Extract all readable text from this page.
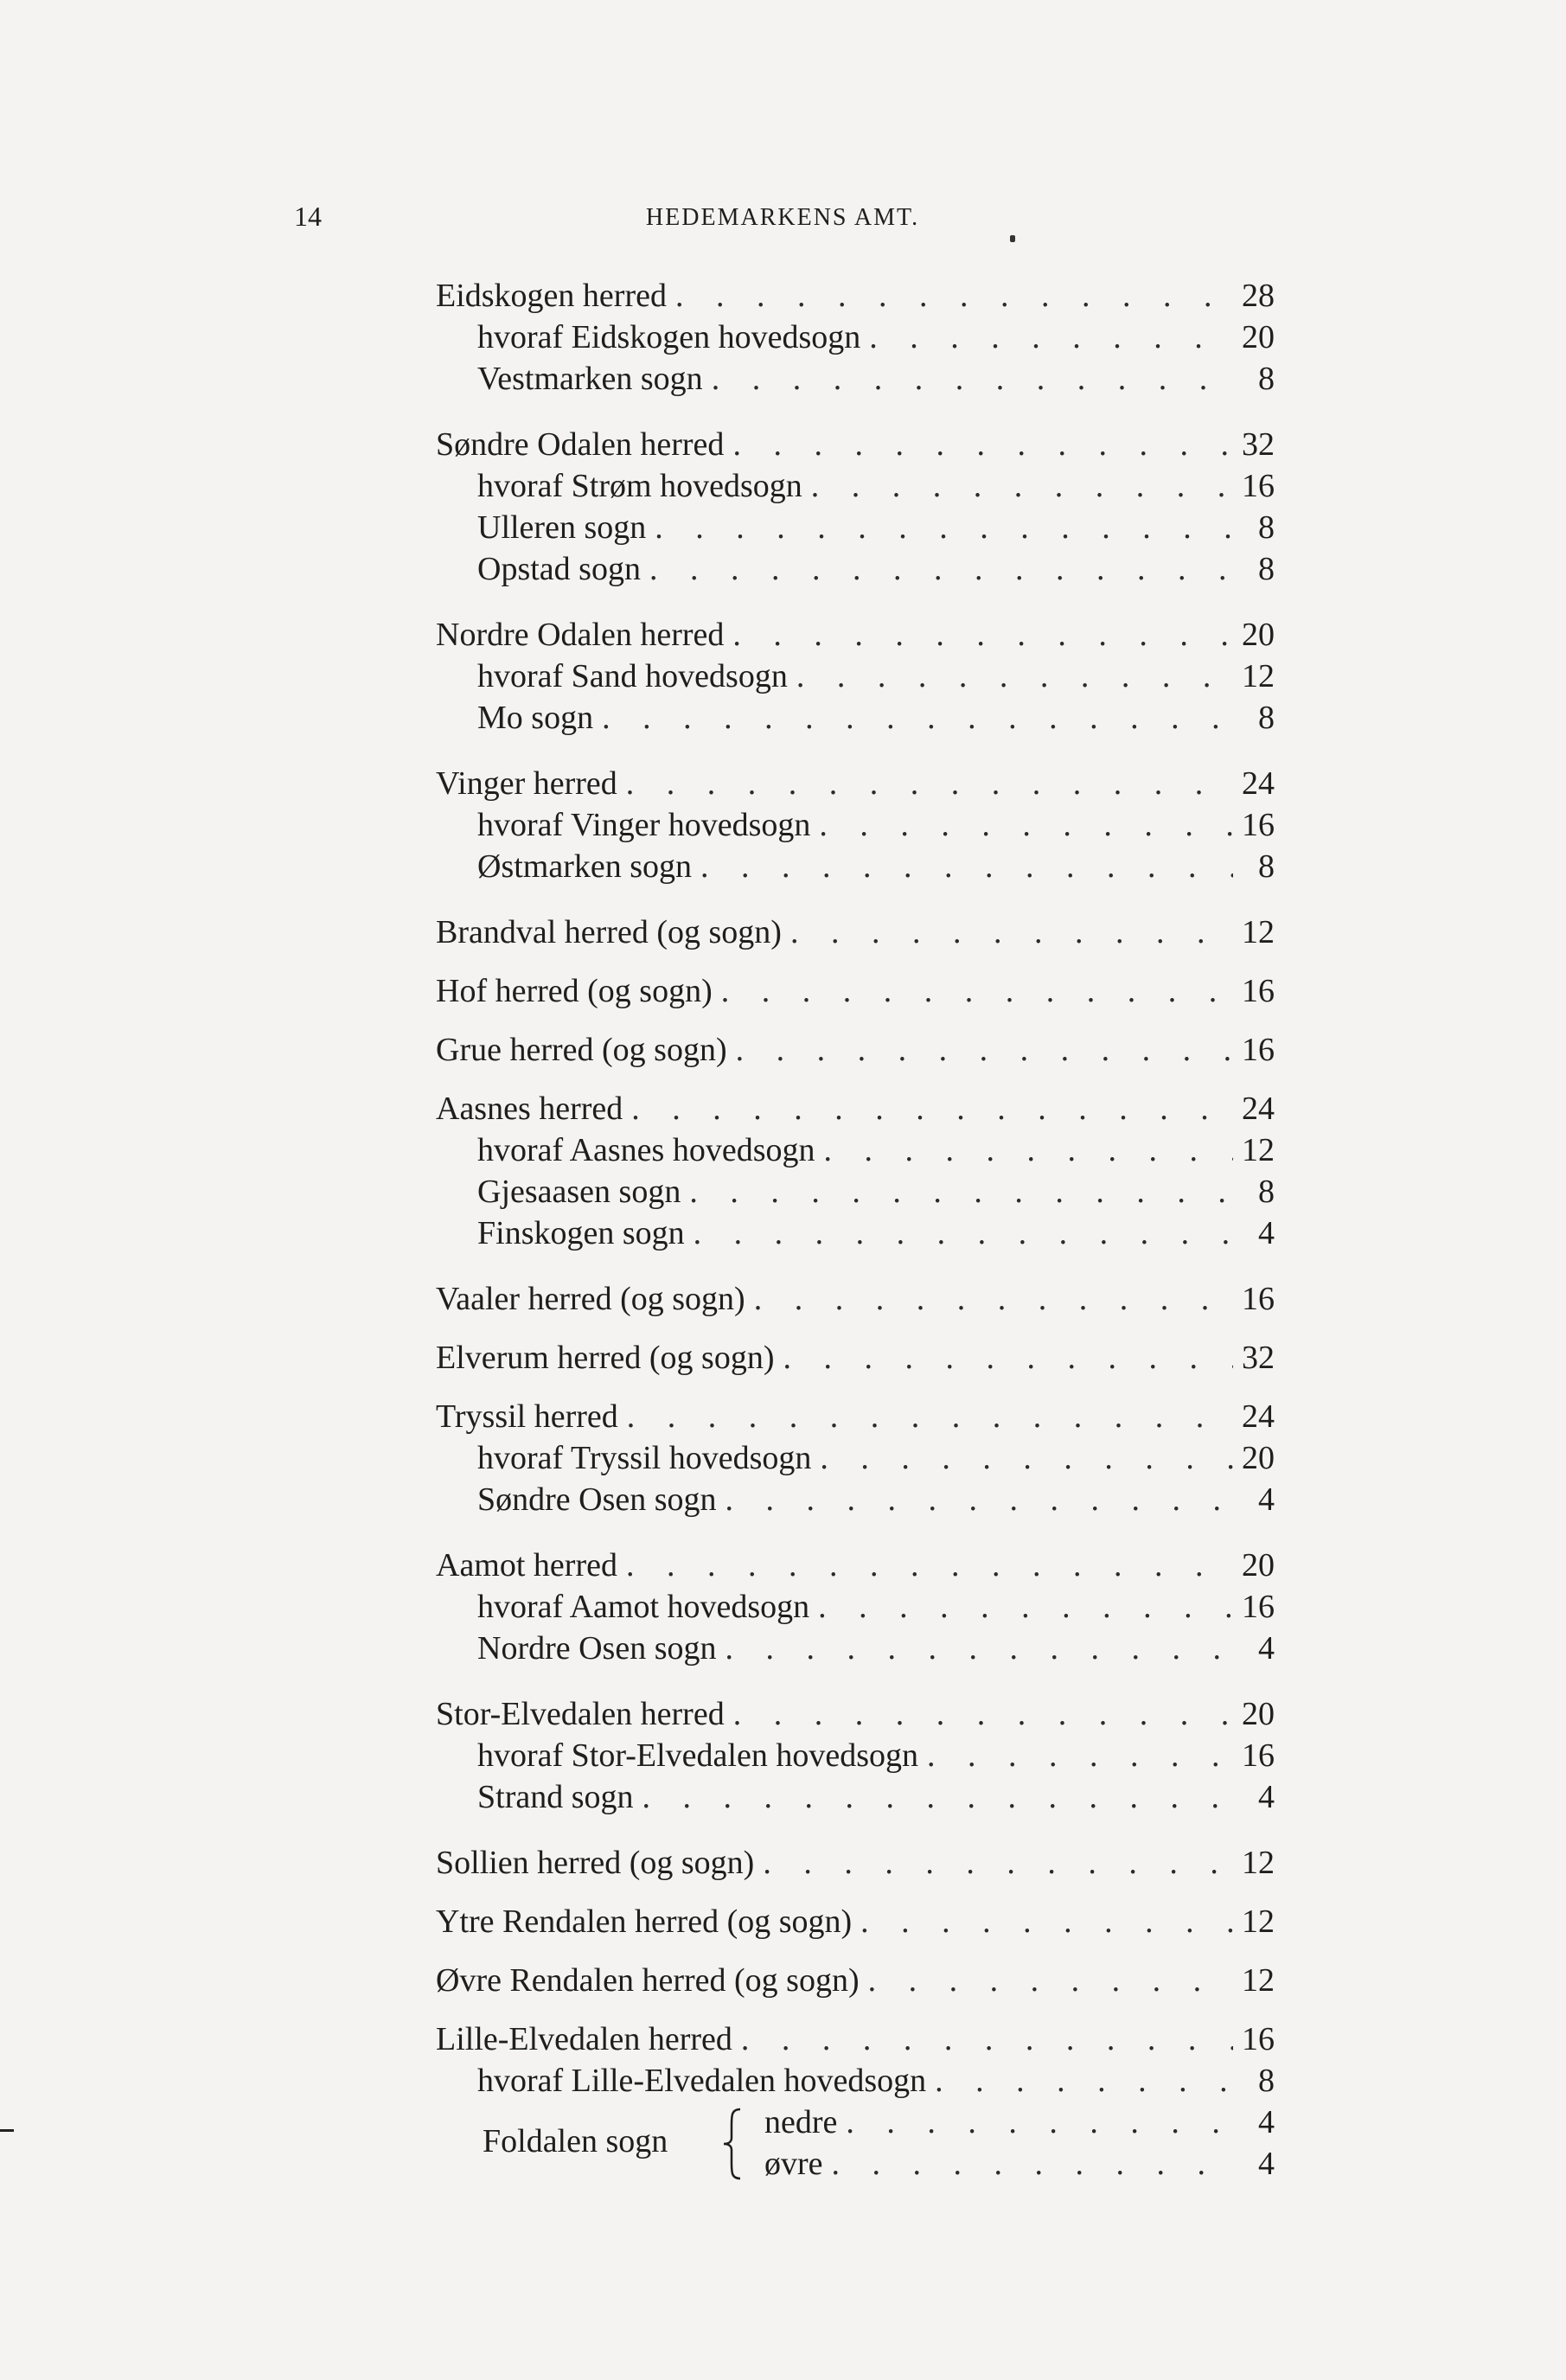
14	HEDEMARKENS AMT.
Eidskogen herred . . .	28
hvoraf Eidskogen hovedsogn . . .	20
Vestmarken sogn . . .	8
Søndre Odalen herred . . .	32
hvoraf Strøm hovedsogn . . .	16
Ulleren sogn . . .	8
Opstad sogn . . .	8
Nordre Odalen herred . . .	20
hvoraf Sand hovedsogn . . .	12
Mo sogn . . .	8
Vinger herred . . .	24
hvoraf Vinger hovedsogn . . .	16
Østmarken sogn . . .	8
Brandval herred (og sogn) . . .	12
Hof herred (og sogn) . . .	16
Grue herred (og sogn) . . .	16
Aasnes herred . . .	24
hvoraf Aasnes hovedsogn . . .	12
Gjesaasen sogn . . .	8
Finskogen sogn . . .	4
Vaaler herred (og sogn) . . .	16
Elverum herred (og sogn) . . .	32
Tryssil herred . . .	24
hvoraf Tryssil hovedsogn . . .	20
Søndre Osen sogn . . .	4
Aamot herred . . .	20
hvoraf Aamot hovedsogn . . .	16
Nordre Osen sogn . . .	4
Stor-Elvedalen herred . . .	20
hvoraf Stor-Elvedalen hovedsogn . . .	16
Strand sogn . . .	4
Sollien herred (og sogn) . . .	12
Ytre Rendalen herred (og sogn) . . .	12
Øvre Rendalen herred (og sogn) . . .	12
Lille-Elvedalen herred . . .	16
hvoraf Lille-Elvedalen hovedsogn . . .	8
Foldalen sogn
nedre . . .	4
øvre . . .	4
